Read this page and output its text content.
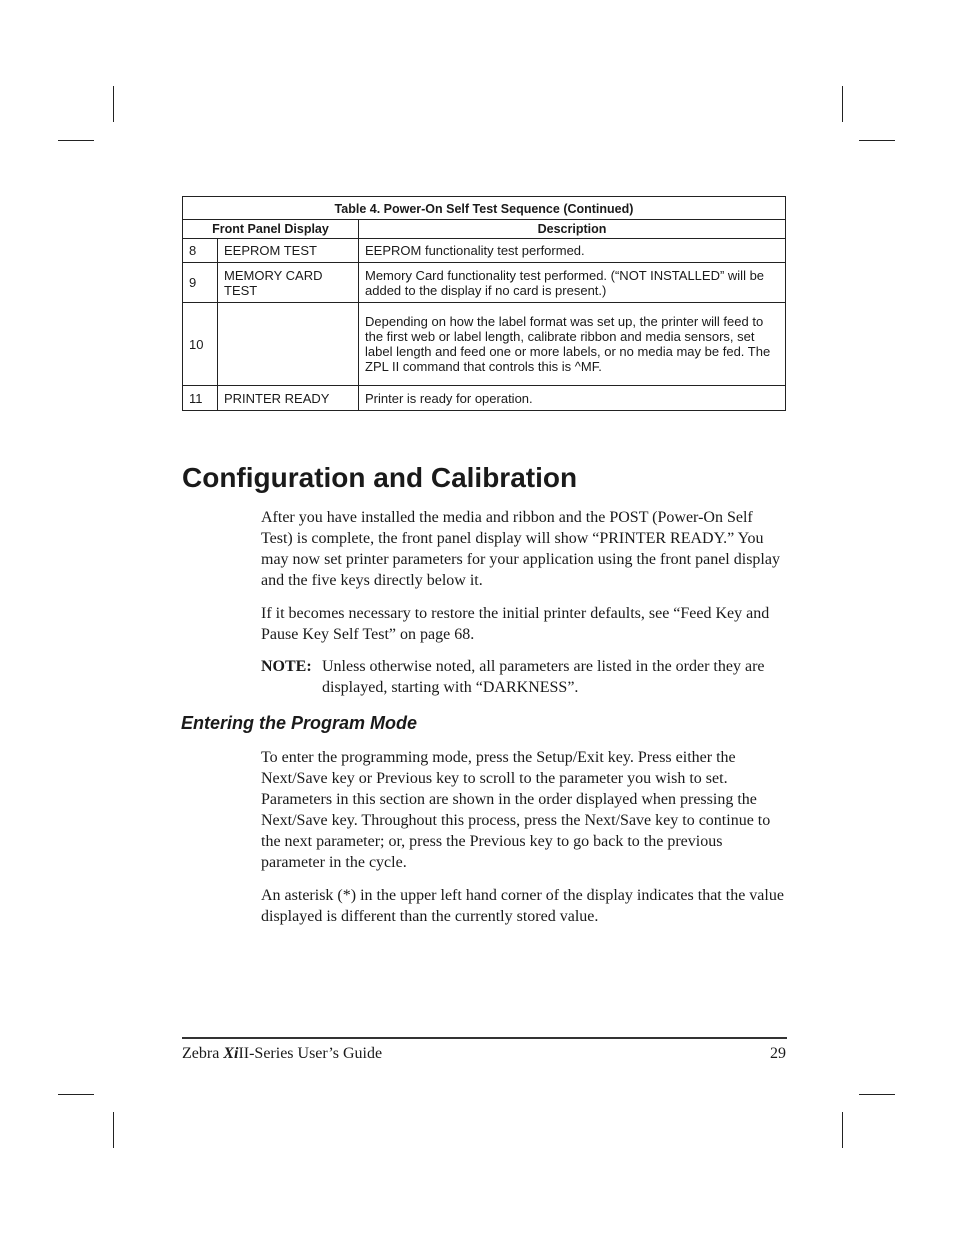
Table 4. Power-On Self Test Sequence (Continued)		
Front Panel Display		Description
8	EEPROM TEST	EEPROM functionality test performed.
9	MEMORY CARD TEST	Memory Card functionality test performed. (“NOT INSTALLED” will be added to the display if no card is present.)
10		Depending on how the label format was set up, the printer will feed to the first web or label length, calibrate ribbon and media sensors, set label length and feed one or more labels, or no media may be fed. The ZPL II command that controls this is ^MF.
11	PRINTER READY	Printer is ready for operation.
Configuration and Calibration

After you have installed the media and ribbon and the POST (Power-On Self Test) is complete, the front panel display will show “PRINTER READY.” You may now set printer parameters for your application using the front panel display and the five keys directly below it.

If it becomes necessary to restore the initial printer defaults, see “Feed Key and Pause Key Self Test” on page 68.

NOTE: Unless otherwise noted, all parameters are listed in the order they are displayed, starting with “DARKNESS”.
Entering the Program Mode

To enter the programming mode, press the Setup/Exit key. Press either the Next/Save key or Previous key to scroll to the parameter you wish to set. Parameters in this section are shown in the order displayed when pressing the Next/Save key. Throughout this process, press the Next/Save key to continue to the next parameter; or, press the Previous key to go back to the previous parameter in the cycle.

An asterisk (*) in the upper left hand corner of the display indicates that the value displayed is different than the currently stored value.

Zebra XiII-Series User’s Guide	29
